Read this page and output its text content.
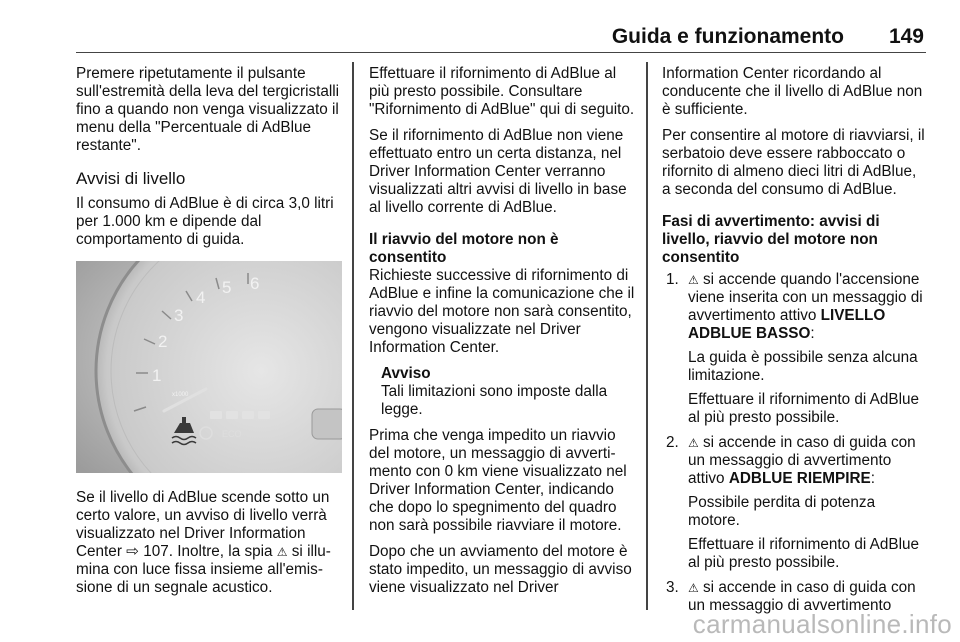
Guida e funzionamento 149

Premere ripetutamente il pulsante sull'estremità della leva del tergicristalli fino a quando non venga visualizzato il menu della "Percentuale di AdBlue restante".

Avvisi di livello

Il consumo di AdBlue è di circa 3,0 litri per 1.000 km e dipende dal comportamento di guida.

1
2
3
4
5 6
x1000
ECO

Se il livello di AdBlue scende sotto un certo valore, un avviso di livello verrà visualizzato nel Driver Information Center ⇨ 107. Inoltre, la spia ⚠ si illumina con luce fissa insieme all'emissione di un segnale acustico.

Effettuare il rifornimento di AdBlue al più presto possibile. Consultare "Rifornimento di AdBlue" qui di seguito.

Se il rifornimento di AdBlue non viene effettuato entro un certa distanza, nel Driver Information Center verranno visualizzati altri avvisi di livello in base al livello corrente di AdBlue.

Il riavvio del motore non è consentito

Richieste successive di rifornimento di AdBlue e infine la comunicazione che il riavvio del motore non sarà consentito, vengono visualizzate nel Driver Information Center.

Avviso
Tali limitazioni sono imposte dalla legge.

Prima che venga impedito un riavvio del motore, un messaggio di avvertimento con 0 km viene visualizzato nel Driver Information Center, indicando che dopo lo spegnimento del quadro non sarà possibile riavviare il motore.

Dopo che un avviamento del motore è stato impedito, un messaggio di avviso viene visualizzato nel Driver

Information Center ricordando al conducente che il livello di AdBlue non è sufficiente.

Per consentire al motore di riavviarsi, il serbatoio deve essere rabboccato o rifornito di almeno dieci litri di AdBlue, a seconda del consumo di AdBlue.

Fasi di avvertimento: avvisi di livello, riavvio del motore non consentito
1. ⚠ si accende quando l'accensione viene inserita con un messaggio di avvertimento attivo LIVELLO ADBLUE BASSO:

La guida è possibile senza alcuna limitazione.

Effettuare il rifornimento di AdBlue al più presto possibile.

2. ⚠ si accende in caso di guida con un messaggio di avvertimento attivo ADBLUE RIEMPIRE:

Possibile perdita di potenza motore.

Effettuare il rifornimento di AdBlue al più presto possibile.

3. ⚠ si accende in caso di guida con un messaggio di avvertimento

carmanualsonline.info
